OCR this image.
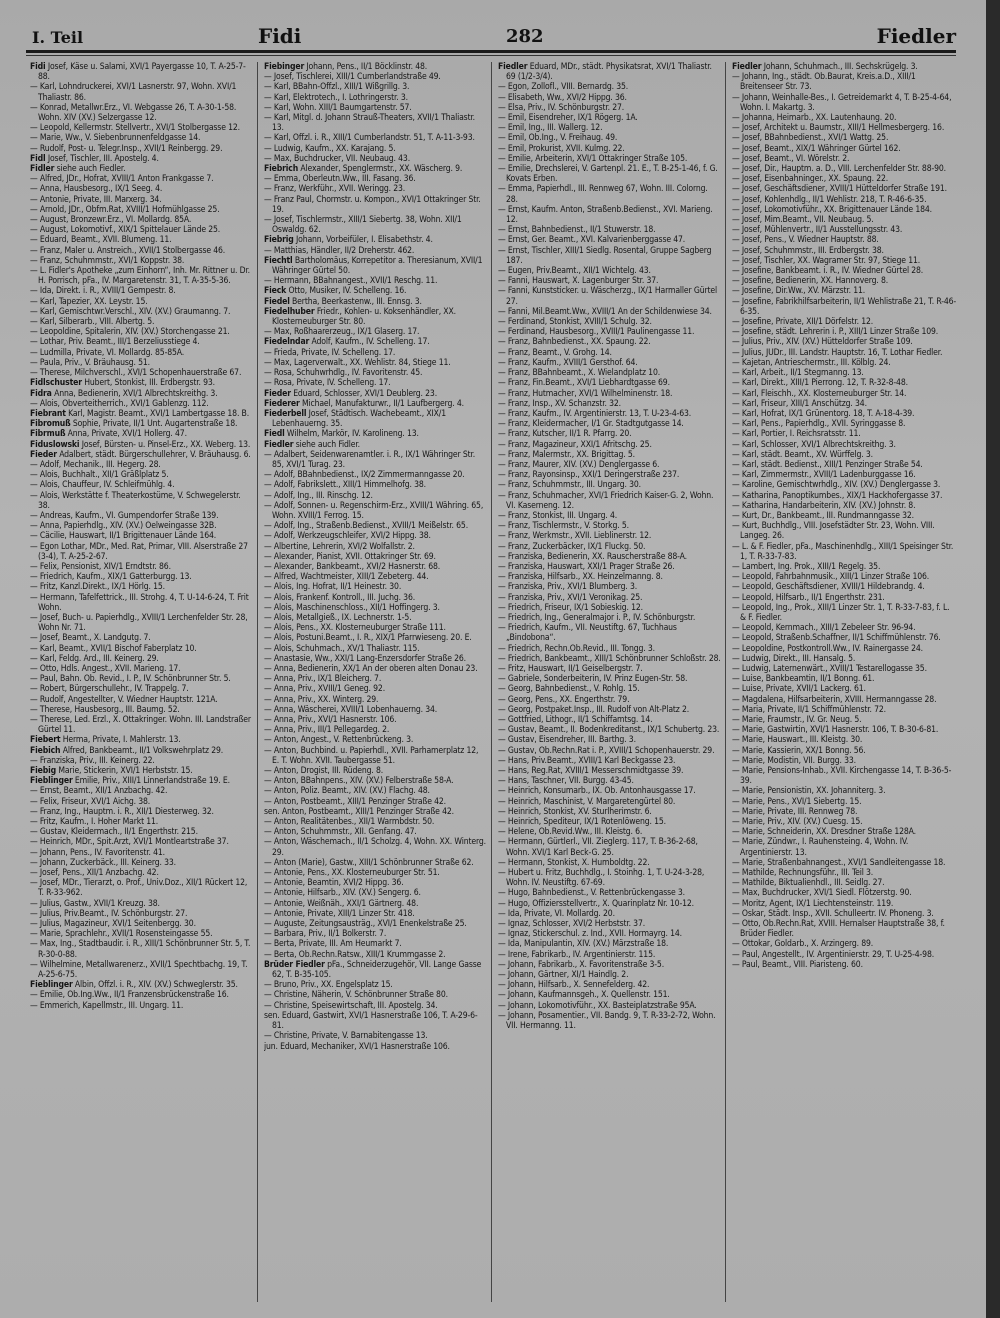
I. Teil	Fidi	282	Fiedler
Fidi Josef, Käse u. Salami, XVI/1 Payergasse 10, T. A-25-7-88.
— Karl, Lohndruckerei, XVI/1 Lasnerstr. 97, Wohn. XVI/1 Thaliastr. 86.
— Konrad, Metallwr.Erz., VI. Webgasse 26, T. A-30-1-58. Wohn. XIV (XV.) Selzergasse 12.
— Leopold, Kellermstr. Stellvertr., XVI/1 Stolbergasse 12.
— Marie, Ww., V. Siebenbrunnenfeldgasse 14.
— Rudolf, Post- u. Telegr.Insp., XVII/1 Reinbergg. 29.
Fidl Josef, Tischler, III. Apostelg. 4.
Fidler siehe auch Fiedler.
— Alfred, JDr., Hofrat, XVIII/1 Anton Frankgasse 7.
— Anna, Hausbesorg., IX/1 Seeg. 4.
— Antonie, Private, III. Marxerg. 34.
— Arnold, JDr., Obfm.Rat, XVIII/1 Hofmühlgasse 25.
— August, Bronzewr.Erz., VI. Mollardg. 85A.
— August, Lokomotivf., XIX/1 Spittelauer Lände 25.
— Eduard, Beamt., XVII. Blumeng. 11.
— Franz, Maler u. Anstreich., XVII/1 Stolbergasse 46.
— Franz, Schuhmmstr., XVI/1 Koppstr. 38.
— L. Fidler's Apotheke „zum Einhorn“, Inh. Mr. Rittner u. Dr. H. Porrisch, pFa., IV. Margaretenstr. 31, T. A-35-5-36.
— Ida, Direkt. i. R., XVIII/1 Gempestr. 8.
— Karl, Tapezier, XX. Leystr. 15.
— Karl, Gemischtwr.Verschl., XIV. (XV.) Graumanng. 7.
— Karl, Silberarb., VIII. Albertg. 5.
— Leopoldine, Spitalerin, XIV. (XV.) Storchengasse 21.
— Lothar, Priv. Beamt., III/1 Berzeliusstiege 4.
— Ludmilla, Private, VI. Mollardg. 85-85A.
— Paula, Priv., V. Bräuhausg. 51.
— Therese, Milchverschl., XVI/1 Schopenhauerstraße 67.
Fidlschuster Hubert, Stonkist, III. Erdbergstr. 93.
Fidra Anna, Bedienerin, XVI/1 Albrechtskreithg. 3.
— Alois, Obverteitherrich., XVI/1 Gablenzg. 112.
Fiebrant Karl, Magistr. Beamt., XVI/1 Lambertgasse 18. B.
Fibromuß Sophie, Private, II/1 Unt. Augartenstraße 18.
Fibrmuß Anna, Private, XVI/1 Hollerg. 47.
Fiduslowski Josef, Bürsten- u. Pinsel-Erz., XX. Weberg. 13.
Fieder Adalbert, städt. Bürgerschullehrer, V. Bräuhausg. 6.
— Adolf, Mechanik., III. Hegerg. 28.
— Alois, Buchhalt., XII/1 Gräßlplatz 5.
— Alois, Chauffeur, IV. Schleifmühlg. 4.
— Alois, Werkstätte f. Theaterkostüme, V. Schwegelerstr. 38.
— Andreas, Kaufm., VI. Gumpendorfer Straße 139.
— Anna, Papierhdlg., XIV. (XV.) Oelweingasse 32B.
— Cäcilie, Hauswart, II/1 Brigittenauer Lände 164.
— Egon Lothar, MDr., Med. Rat, Primar, VIII. Alserstraße 27 (3-4), T. A-25-2-67.
— Felix, Pensionist, XIV/1 Erndtstr. 86.
— Friedrich, Kaufm., XIX/1 Gatterburgg. 13.
— Fritz, Kanzl.Direkt., IX/1 Hörlg. 15.
— Hermann, Tafelfettrick., III. Strohg. 4, T. U-14-6-24, T. Frit Wohn.
— Josef, Buch- u. Papierhdlg., XVIII/1 Lerchenfelder Str. 28, Wohn Nr. 71.
— Josef, Beamt., X. Landgutg. 7.
— Karl, Beamt., XVII/1 Bischof Faberplatz 10.
— Karl, Feldg. Ard., III. Keinerg. 29.
— Otto, Hdls. Angest., XVII. Marieng. 17.
— Paul, Bahn. Ob. Revid., I. P., IV. Schönbrunner Str. 5.
— Robert, Bürgerschullehr., IV. Trappelg. 7.
— Rudolf, Angestellter, V. Wiedner Hauptstr. 121A.
— Therese, Hausbesorg., III. Baumg. 52.
— Therese, Led. Erzl., X. Ottakringer. Wohn. III. Landstraßer Gürtel 11.
Fiebert Herma, Private, I. Mahlerstr. 13.
Fiebich Alfred, Bankbeamt., II/1 Volkswehrplatz 29.
— Franziska, Priv., III. Keinerg. 22.
Fiebig Marie, Stickerin, XVI/1 Herbststr. 15.
Fieblinger Emilie, Priv., XIII/1 Linnerlandstraße 19. E.
— Ernst, Beamt., XII/1 Anzbachg. 42.
— Felix, Friseur, XVI/1 Aichg. 38.
— Franz, Ing., Hauptm. i. R., XII/1 Diesterweg. 32.
— Fritz, Kaufm., I. Hoher Markt 11.
— Gustav, Kleidermach., II/1 Engerthstr. 215.
— Heinrich, MDr., Spit.Arzt, XVI/1 Montleartstraße 37.
— Johann, Pens., IV. Favoritenstr. 41.
— Johann, Zuckerbäck., III. Keinerg. 33.
— Josef, Pens., XII/1 Anzbachg. 42.
— Josef, MDr., Tierarzt, o. Prof., Univ.Doz., XII/1 Rückert 12, T. R-33-962.
— Julius, Gastw., XVII/1 Kreuzg. 38.
— Julius, Priv.Beamt., IV. Schönburgstr. 27.
— Julius, Magazineur, XVI/1 Seitenbergg. 30.
— Marie, Sprachlehr., XVII/1 Rosensteingasse 55.
— Max, Ing., Stadtbaudir. i. R., XIII/1 Schönbrunner Str. 5, T. R-30-0-88.
— Wilhelmine, Metallwarenerz., XVII/1 Spechtbachg. 19, T. A-25-6-75.
Fieblinger Albin, Offzl. i. R., XIV. (XV.) Schweglerstr. 35.
— Emilie, Ob.Ing.Ww., II/1 Franzensbrückenstraße 16.
— Emmerich, Kapellmstr., III. Ungarg. 11.
Fiebinger Johann, Pens., II/1 Böcklinstr. 48.
— Josef, Tischlerei, XIII/1 Cumberlandstraße 49.
— Karl, BBahn-Offzl., XIII/1 Wißgrillg. 3.
— Karl, Elektrotech., I. Lothringerstr. 3.
— Karl, Wohn. XIII/1 Baumgartenstr. 57.
— Karl, Mitgl. d. Johann Strauß-Theaters, XVII/1 Thaliastr. 13.
— Karl, Offzl. i. R., XIII/1 Cumberlandstr. 51, T. A-11-3-93.
— Ludwig, Kaufm., XX. Karajang. 5.
— Max, Buchdrucker, VII. Neubaug. 43.
Fiebrich Alexander, Spenglermstr., XX. Wäscherg. 9.
— Emma, Oberleutn.Ww., III. Fasang. 36.
— Franz, Werkführ., XVII. Weringg. 23.
— Franz Paul, Chormstr. u. Kompon., XVI/1 Ottakringer Str. 19.
— Josef, Tischlermstr., XIII/1 Siebertg. 38, Wohn. XII/1 Oswaldg. 62.
Fiebrig Johann, Vorbeifüler, I. Elisabethstr. 4.
— Matthias, Händler, II/2 Dreherstr. 462.
Fiechtl Bartholomäus, Korrepetitor a. Theresianum, XVII/1 Währinger Gürtel 50.
— Hermann, BBahnangest., XVII/1 Reschg. 11.
Fieck Otto, Musiker, IV. Schelleng. 16.
Fiedel Bertha, Beerkastenw., III. Ennsg. 3.
Fiedelhuber Friedr., Kohlen- u. Koksenhändler, XX. Klosterneuburger Str. 80.
— Max, Roßhaarerzeug., IX/1 Glaserg. 17.
Fiedelndar Adolf, Kaufm., IV. Schelleng. 17.
— Frieda, Private, IV. Schelleng. 17.
— Max, Lagerverwalt., XX. Wehlistr. 84, Stiege 11.
— Rosa, Schuhwrhdlg., IV. Favoritenstr. 45.
— Rosa, Private, IV. Schelleng. 17.
Fieder Eduard, Schlosser, XVI/1 Deublerg. 23.
Fiederer Michael, Manufakturwr., II/1 Laufbergerg. 4.
Fiederbell Josef, Städtisch. Wachebeamt., XIX/1 Lebenhauerng. 35.
Fiedl Wilhelm, Markör, IV. Karolineng. 13.
Fiedler siehe auch Fidler.
— Adalbert, Seidenwarenamtler. i. R., IX/1 Währinger Str. 85, XVI/1 Turag. 23.
— Adolf, BBahnbedienst., IX/2 Zimmermanngasse 20.
— Adolf, Fabrikslett., XIII/1 Himmelhofg. 38.
— Adolf, Ing., III. Rinschg. 12.
— Adolf, Sonnen- u. Regenschirm-Erz., XVIII/1 Währing. 65, Wohn. XVIII/1 Ferrog. 15.
— Adolf, Ing., Straßenb.Bedienst., XVIII/1 Meißelstr. 65.
— Adolf, Werkzeugschleifer, XVI/2 Hippg. 38.
— Albertine, Lehrerin, XVI/2 Wolfallstr. 2.
— Alexander, Pianist, XVII. Ottakringer Str. 69.
— Alexander, Bankbeamt., XVI/2 Hasnerstr. 68.
— Alfred, Wachtmeister, XIII/1 Zebeterg. 44.
— Alois, Ing. Hofrat, II/1 Heinestr. 30.
— Alois, Frankenf. Kontroll., III. Juchg. 36.
— Alois, Maschinenschloss., XII/1 Hoffingerg. 3.
— Alois, Metallgieß., IX. Lechnerstr. 1-5.
— Alois, Pens., XX. Klosterneuburger Straße 111.
— Alois, Postuni.Beamt., I. R., XIX/1 Pfarrwieseng. 20. E.
— Alois, Schuhmach., XV/1 Thaliastr. 115.
— Anastasie, Ww., XXI/1 Lang-Enzersdorfer Straße 26.
— Anna, Bedienerin, XX/1 An der oberen alten Donau 23.
— Anna, Priv., IX/1 Bleicherg. 7.
— Anna, Priv., XVIII/1 Geneg. 92.
— Anna, Priv., XX. Winterg. 29.
— Anna, Wäscherei, XVIII/1 Lobenhauerng. 34.
— Anna, Priv., XVI/1 Hasnerstr. 106.
— Anna, Priv., III/1 Pellegardeg. 2.
— Anton, Angest., V. Rettenbrückeng. 3.
— Anton, Buchbind. u. Papierhdl., XVII. Parhamerplatz 12, E. T. Wohn. XVII. Taubergasse 51.
— Anton, Drogist, III. Rüdeng. 8.
— Anton, BBahnpens., XIV. (XV.) Felberstraße 58-A.
— Anton, Poliz. Beamt., XIV. (XV.) Flachg. 48.
— Anton, Postbeamt., XIII/1 Penzinger Straße 42.
sen. Anton, Postbeamt., XIII/1 Penzinger Straße 42.
— Anton, Realitätenbes., XII/1 Warmbdstr. 50.
— Anton, Schuhmmstr., XII. Genfang. 47.
— Anton, Wäschemach., II/1 Scholzg. 4, Wohn. XX. Winterg. 29.
— Anton (Marie), Gastw., XIII/1 Schönbrunner Straße 62.
— Antonie, Pens., XX. Klosterneuburger Str. 51.
— Antonie, Beamtin, XVI/2 Hippg. 36.
— Antonie, Hilfsarb., XIV. (XV.) Sengerg. 6.
— Antonie, Weißnäh., XXI/1 Gärtnerg. 48.
— Antonie, Private, XIII/1 Linzer Str. 418.
— Auguste, Zeitungsausträg., XVI/1 Enenkelstraße 25.
— Barbara, Priv., II/1 Bolkerstr. 7.
— Berta, Private, III. Am Heumarkt 7.
— Berta, Ob.Rechn.Ratsw., XIII/1 Krummgasse 2.
Brüder Fiedler pFa., Schneiderzugehör, VII. Lange Gasse 62, T. B-35-105.
— Bruno, Priv., XX. Engelsplatz 15.
— Christine, Näherin, V. Schönbrunner Straße 80.
— Christine, Speisewirtschaft, III. Apostelg. 34.
sen. Eduard, Gastwirt, XVI/1 Hasnerstraße 106, T. A-29-6-81.
— Christine, Private, V. Barnabitengasse 13.
jun. Eduard, Mechaniker, XVI/1 Hasnerstraße 106.
Fiedler Eduard, MDr., städt. Physikatsrat, XVI/1 Thaliastr. 69 (1/2-3/4).
— Egon, Zollofl., VIII. Bernardg. 35.
— Elisabeth, Ww., XVI/2 Hippg. 36.
— Elsa, Priv., IV. Schönburgstr. 27.
— Emil, Eisendreher, IX/1 Rögerg. 1A.
— Emil, Ing., III. Wallerg. 12.
— Emil, Ob.Ing., V. Freihaug. 49.
— Emil, Prokurist, XVII. Kulmg. 22.
— Emilie, Arbeiterin, XVI/1 Ottakringer Straße 105.
— Emilie, Drechslerei, V. Gartenpl. 21. E., T. B-25-1-46, f. G. Kovats Erben.
— Emma, Papierhdl., III. Rennweg 67, Wohn. III. Colorng. 28.
— Ernst, Kaufm. Anton, Straßenb.Bedienst., XVI. Marieng. 12.
— Ernst, Bahnbedienst., II/1 Stuwerstr. 18.
— Ernst, Ger. Beamt., XVI. Kalvarienberggasse 47.
— Ernst, Tischler, XIII/1 Siedlg. Rosental, Gruppe Sagberg 187.
— Eugen, Priv.Beamt., XII/1 Wichtelg. 43.
— Fanni, Hauswart, X. Lagenburger Str. 37.
— Fanni, Kunststicker. u. Wäscherzg., IX/1 Harmaller Gürtel 27.
— Fanni, Mil.Beamt.Ww., XVIII/1 An der Schildenwiese 34.
— Ferdinand, Stonkist, XVIII/1 Schulg. 32.
— Ferdinand, Hausbesorg., XVIII/1 Paulinengasse 11.
— Franz, Bahnbedienst., XX. Spaung. 22.
— Franz, Beamt., V. Grohg. 14.
— Franz, Kaufm., XVIII/1 Gersthof. 64.
— Franz, BBahnbeamt., X. Wielandplatz 10.
— Franz, Fin.Beamt., XVI/1 Liebhardtgasse 69.
— Franz, Hutmacher, XVI/1 Wilhelminenstr. 18.
— Franz, Insp., XV. Schanzstr. 32.
— Franz, Kaufm., IV. Argentinierstr. 13, T. U-23-4-63.
— Franz, Kleidermacher, I/1 Gr. Stadtgutgasse 14.
— Franz, Kutscher, II/1 R. Pfarrg. 20.
— Franz, Magazineur, XXI/1 Afritschg. 25.
— Franz, Malermstr., XX. Brigittag. 5.
— Franz, Maurer, XIV. (XV.) Denglergasse 6.
— Franz, Rayonsinsp., XXI/1 Deringerstraße 237.
— Franz, Schuhmmstr., III. Ungarg. 30.
— Franz, Schuhmacher, XVI/1 Friedrich Kaiser-G. 2, Wohn. VI. Kaserneng. 12.
— Franz, Stonkist, III. Ungarg. 4.
— Franz, Tischlermstr., V. Storkg. 5.
— Franz, Werkmstr., XVII. Lieblinerstr. 12.
— Franz, Zuckerbäcker, IX/1 Fluckg. 50.
— Franziska, Bedienerin, XX. Rauscherstraße 88-A.
— Franziska, Hauswart, XXI/1 Prager Straße 26.
— Franziska, Hilfsarb., XX. Heinzelmanng. 8.
— Franziska, Priv., XVI/1 Blumberg. 3.
— Franziska, Priv., XVI/1 Veronikag. 25.
— Friedrich, Friseur, IX/1 Sobieskig. 12.
— Friedrich, Ing., Generalmajor i. P., IV. Schönburgstr.
— Friedrich, Kaufm., VII. Neustiftg. 67, Tuchhaus „Bindobona“.
— Friedrich, Rechn.Ob.Revid., III. Tongg. 3.
— Friedrich, Bankbeamt., XIII/1 Schönbrunner Schloßstr. 28.
— Fritz, Hauswart, II/1 Geiselbergstr. 7.
— Gabriele, Sonderbeiterin, IV. Prinz Eugen-Str. 58.
— Georg, Bahnbedienst., V. Rohlg. 15.
— Georg, Pens., XX. Engerthstr. 79.
— Georg, Postpaket.Insp., III. Rudolf von Alt-Platz 2.
— Gottfried, Lithogr., II/1 Schiffamtsg. 14.
— Gustav, Beamt., II. Bodenkreditanst., IX/1 Schubertg. 23.
— Gustav, Eisendreher, III. Barthg. 3.
— Gustav, Ob.Rechn.Rat i. P., XVIII/1 Schopenhauerstr. 29.
— Hans, Priv.Beamt., XVIII/1 Karl Beckgasse 23.
— Hans, Reg.Rat, XVIII/1 Messerschmidtgasse 39.
— Hans, Taschner, VII. Burgg. 43-45.
— Heinrich, Konsumarb., IX. Ob. Antonhausgasse 17.
— Heinrich, Maschinist, V. Margaretengürtel 80.
— Heinrich, Stonkist, XV. Sturlherimstr. 6.
— Heinrich, Spediteur, IX/1 Rotenlöweng. 15.
— Helene, Ob.Revid.Ww., III. Kleistg. 6.
— Hermann, Gürtlerl., VII. Zieglerg. 117, T. B-36-2-68, Wohn. XVI/1 Karl Beck-G. 25.
— Hermann, Stonkist, X. Humboldtg. 22.
— Hubert u. Fritz, Buchhdlg., I. Stoinhg. 1, T. U-24-3-28, Wohn. IV. Neustiftg. 67-69.
— Hugo, Bahnbedienst., V. Rettenbrückengasse 3.
— Hugo, Offiziersstellvertr., X. Quarinplatz Nr. 10-12.
— Ida, Private, VI. Mollardg. 20.
— Ignaz, Schlosser, XVI/2 Herbststr. 37.
— Ignaz, Stickerschul. z. Ind., XVII. Hormayrg. 14.
— Ida, Manipulantin, XIV. (XV.) Märzstraße 18.
— Irene, Fabrikarb., IV. Argentinierstr. 115.
— Johann, Fabrikarb., X. Favoritenstraße 3-5.
— Johann, Gärtner, XI/1 Haindlg. 2.
— Johann, Hilfsarb., X. Sennefelderg. 42.
— Johann, Kaufmannsgeh., X. Quellenstr. 151.
— Johann, Lokomotivführ., XX. Basteiplatzstraße 95A.
— Johann, Posamentier., VII. Bandg. 9, T. R-33-2-72, Wohn. VII. Hermanng. 11.
Fiedler Johann, Schuhmach., III. Sechskrügelg. 3.
— Johann, Ing., städt. Ob.Baurat, Kreis.a.D., XIII/1 Breitenseer Str. 73.
— Johann, Weinhalle-Bes., I. Getreidemarkt 4, T. B-25-4-64, Wohn. I. Makartg. 3.
— Johanna, Heimarb., XX. Lautenhaung. 20.
— Josef, Architekt u. Baumstr., XIII/1 Hellmesbergerg. 16.
— Josef, BBahnbedienst., XVI/1 Wattg. 25.
— Josef, Beamt., XIX/1 Währinger Gürtel 162.
— Josef, Beamt., VI. Wörelstr. 2.
— Josef, Dir., Hauptm. a. D., VIII. Lerchenfelder Str. 88-90.
— Josef, Eisenbahninger., XX. Spaung. 22.
— Josef, Geschäftsdiener, XVIII/1 Hütteldorfer Straße 191.
— Josef, Kohlenhdlg., II/1 Wehlistr. 218, T. R-46-6-35.
— Josef, Lokomotivführ., XX. Brigittenauer Lände 184.
— Josef, Mim.Beamt., VII. Neubaug. 5.
— Josef, Mühlenvertr., II/1 Ausstellungsstr. 43.
— Josef, Pens., V. Wiedner Hauptstr. 88.
— Josef, Schuhmmstr., III. Erdbergstr. 38.
— Josef, Tischler, XX. Wagramer Str. 97, Stiege 11.
— Josefine, Bankbeamt. i. R., IV. Wiedner Gürtel 28.
— Josefine, Bedienerin, XX. Hannoverg. 8.
— Josefine, Dir.Ww., XV. Märzstr. 11.
— Josefine, Fabrikhilfsarbeiterin, II/1 Wehlistraße 21, T. R-46-6-35.
— Josefine, Private, XII/1 Dörfelstr. 12.
— Josefine, städt. Lehrerin i. P., XIII/1 Linzer Straße 109.
— Julius, Priv., XIV. (XV.) Hütteldorfer Straße 109.
— Julius, JUDr., III. Landstr. Hauptstr. 16, T. Lothar Fiedler.
— Kajetan, Antrieschermstr., III. Kölblg. 24.
— Karl, Arbeit., II/1 Stegmanng. 13.
— Karl, Direkt., XIII/1 Pierrong. 12, T. R-32-8-48.
— Karl, Fleischh., XX. Klosterneuburger Str. 14.
— Karl, Friseur, XIII/1 Anschützg. 34.
— Karl, Hofrat, IX/1 Grünentorg. 18, T. A-18-4-39.
— Karl, Pens., Papierhdlg., XVII. Syringgasse 8.
— Karl, Portier, I. Reichsratsstr. 11.
— Karl, Schlosser, XVI/1 Albrechtskreithg. 3.
— Karl, städt. Beamt., XV. Würffelg. 3.
— Karl, städt. Bedienst., XIII/1 Penzinger Straße 54.
— Karl, Zimmermstr., XVIII/1 Ladenburggasse 16.
— Karoline, Gemischtwrhdlg., XIV. (XV.) Denglergasse 3.
— Katharina, Panoptikumbes., XIX/1 Hackhofergasse 37.
— Katharina, Handarbeiterin, XIV. (XV.) Johnstr. 8.
— Kurt, Dr., Bankbeamt., III. Rundmanngasse 32.
— Kurt, Buchhdlg., VIII. Josefstädter Str. 23, Wohn. VIII. Langeg. 26.
— L. & F. Fiedler, pFa., Maschinenhdlg., XIII/1 Speisinger Str. 1, T. R-33-7-83.
— Lambert, Ing. Prok., XIII/1 Regelg. 35.
— Leopold, Fahrbahnmusik., XIII/1 Linzer Straße 106.
— Leopold, Geschäftsdiener, XVIII/1 Hildebrandg. 4.
— Leopold, Hilfsarb., II/1 Engerthstr. 231.
— Leopold, Ing., Prok., XIII/1 Linzer Str. 1, T. R-33-7-83, f. L. & F. Fiedler.
— Leopold, Kernmach., XIII/1 Zebeleer Str. 96-94.
— Leopold, Straßenb.Schaffner, II/1 Schiffmühlenstr. 76.
— Leopoldine, Postkontroll.Ww., IV. Rainergasse 24.
— Ludwig, Direkt., III. Hansalg. 5.
— Ludwig, Laternenwärt., XVIII/1 Testarellogasse 35.
— Luise, Bankbeamtin, II/1 Bonng. 61.
— Luise, Private, XVII/1 Lackerg. 61.
— Magdalena, Hilfsarbeiterin, XVIII. Hermanngasse 28.
— Maria, Private, II/1 Schiffmühlenstr. 72.
— Marie, Fraumstr., IV. Gr. Neug. 5.
— Marie, Gastwirtin, XVI/1 Hasnerstr. 106, T. B-30-6-81.
— Marie, Hauswart., III. Kleistg. 30.
— Marie, Kassierin, XX/1 Bonng. 56.
— Marie, Modistin, VII. Burgg. 33.
— Marie, Pensions-Inhab., XVII. Kirchengasse 14, T. B-36-5-39.
— Marie, Pensionistin, XX. Johanniterg. 3.
— Marie, Pens., XVI/1 Siebertg. 15.
— Marie, Private, III. Rennweg 78.
— Marie, Priv., XIV. (XV.) Cuesg. 15.
— Marie, Schneiderin, XX. Dresdner Straße 128A.
— Marie, Zündwr., I. Rauhensteing. 4, Wohn. IV. Argentinierstr. 13.
— Marie, Straßenbahnangest., XVI/1 Sandleitengasse 18.
— Mathilde, Rechnungsführ., III. Teil 3.
— Mathilde, Biktualienhdl., III. Seidlg. 27.
— Max, Buchdrucker, XVI/1 Siedl. Flötzerstg. 90.
— Moritz, Agent, IX/1 Liechtensteinstr. 119.
— Oskar, Städt. Insp., XVII. Schulleertr. IV. Phoneng. 3.
— Otto, Ob.Rechn.Rat, XVIII. Hernalser Hauptstraße 38, f. Brüder Fiedler.
— Ottokar, Goldarb., X. Arzingerg. 89.
— Paul, Angestellt., IV. Argentinierstr. 29, T. U-25-4-98.
— Paul, Beamt., VIII. Piaristeng. 60.
